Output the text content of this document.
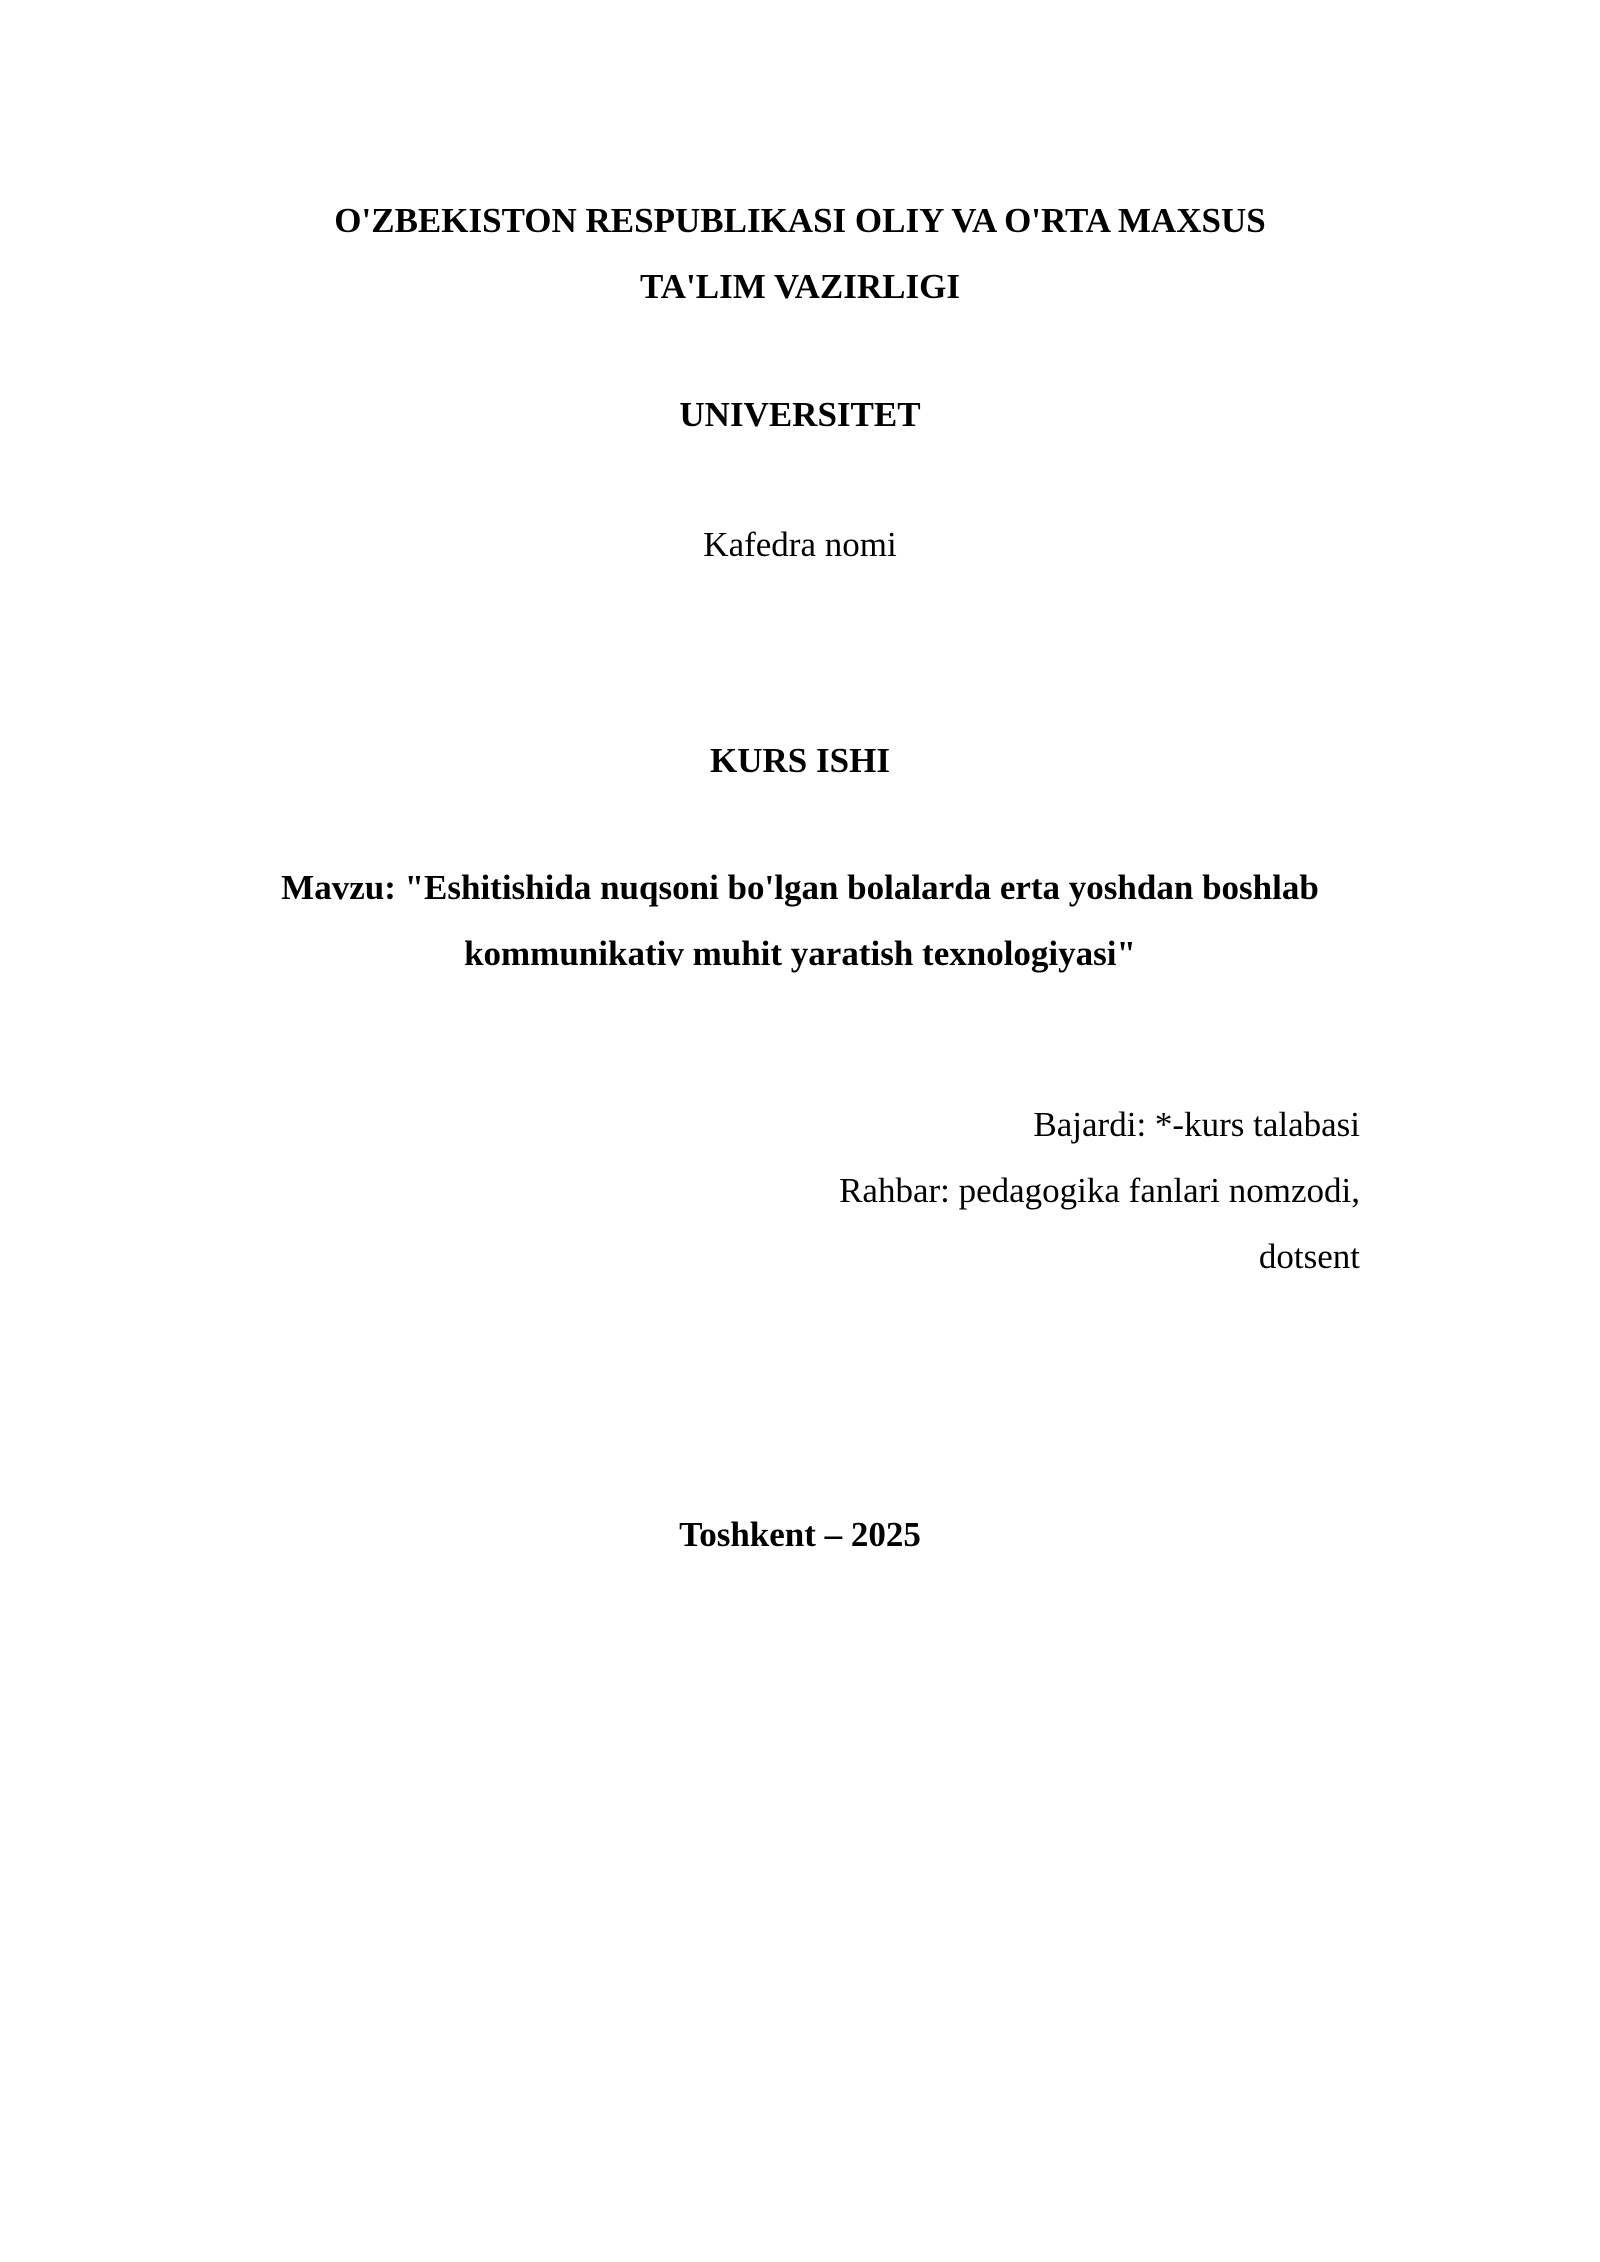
O'ZBEKISTON RESPUBLIKASI OLIY VA O'RTA MAXSUS
TA'LIM VAZIRLIGI
UNIVERSITET
Kafedra nomi
KURS ISHI
Mavzu: "Eshitishida nuqsoni bo'lgan bolalarda erta yoshdan boshlab
kommunikativ muhit yaratish texnologiyasi"
Bajardi: *-kurs talabasi
Rahbar: pedagogika fanlari nomzodi,
dotsent
Toshkent – 2025
